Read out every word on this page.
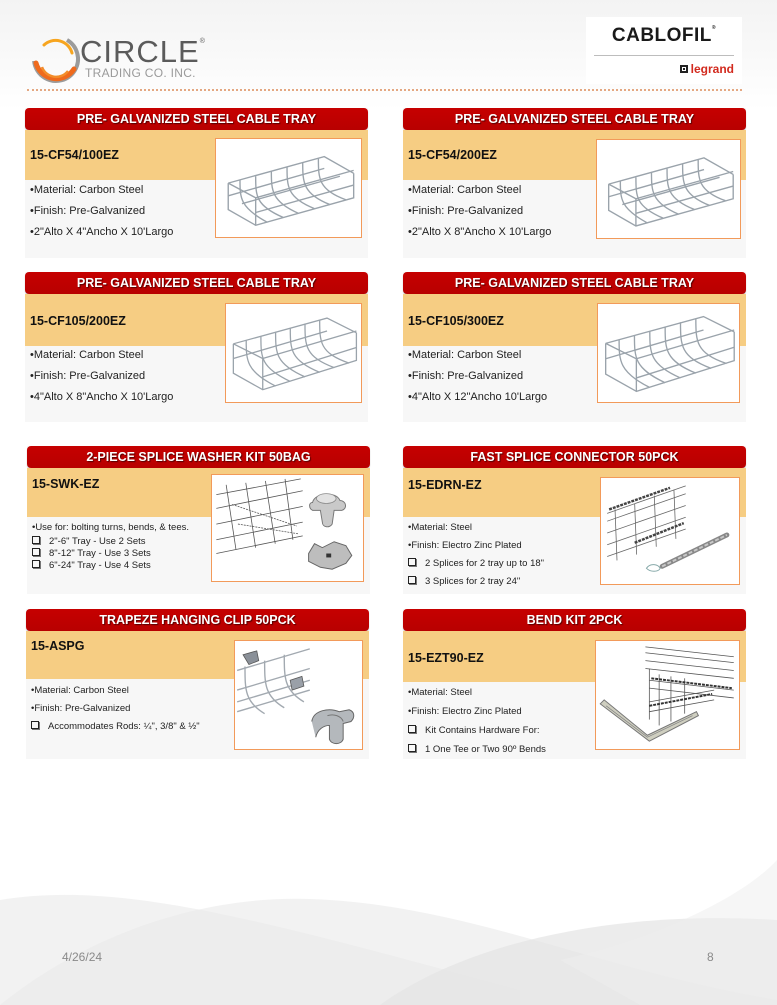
CIRCLE®
TRADING CO. INC.
CABLOFIL®
legrand
PRE- GALVANIZED STEEL CABLE TRAY
15-CF54/100EZ
•Material: Carbon Steel
•Finish: Pre-Galvanized
•2"Alto X 4"Ancho X 10'Largo
PRE- GALVANIZED STEEL CABLE TRAY
15-CF54/200EZ
•Material: Carbon Steel
•Finish: Pre-Galvanized
•2"Alto X 8"Ancho X 10'Largo
PRE- GALVANIZED STEEL CABLE TRAY
15-CF105/200EZ
•Material: Carbon Steel
•Finish: Pre-Galvanized
•4"Alto X 8"Ancho X 10'Largo
PRE- GALVANIZED STEEL CABLE TRAY
15-CF105/300EZ
•Material: Carbon Steel
•Finish: Pre-Galvanized
•4"Alto X 12"Ancho 10'Largo
2-PIECE SPLICE WASHER KIT 50BAG
15-SWK-EZ
•Use for: bolting turns, bends, & tees.
2"-6" Tray - Use 2 Sets
8"-12" Tray - Use 3 Sets
6"-24" Tray - Use 4 Sets
FAST SPLICE CONNECTOR 50PCK
15-EDRN-EZ
•Material: Steel
•Finish: Electro Zinc Plated
2 Splices for 2 tray up to 18"
3 Splices for 2 tray 24"
TRAPEZE HANGING CLIP 50PCK
15-ASPG
•Material: Carbon Steel
•Finish: Pre-Galvanized
Accommodates Rods: ¼", 3/8" & ½"
BEND KIT 2PCK
15-EZT90-EZ
•Material: Steel
•Finish: Electro Zinc Plated
Kit Contains Hardware For:
1 One Tee or Two 90º Bends
4/26/24	8
